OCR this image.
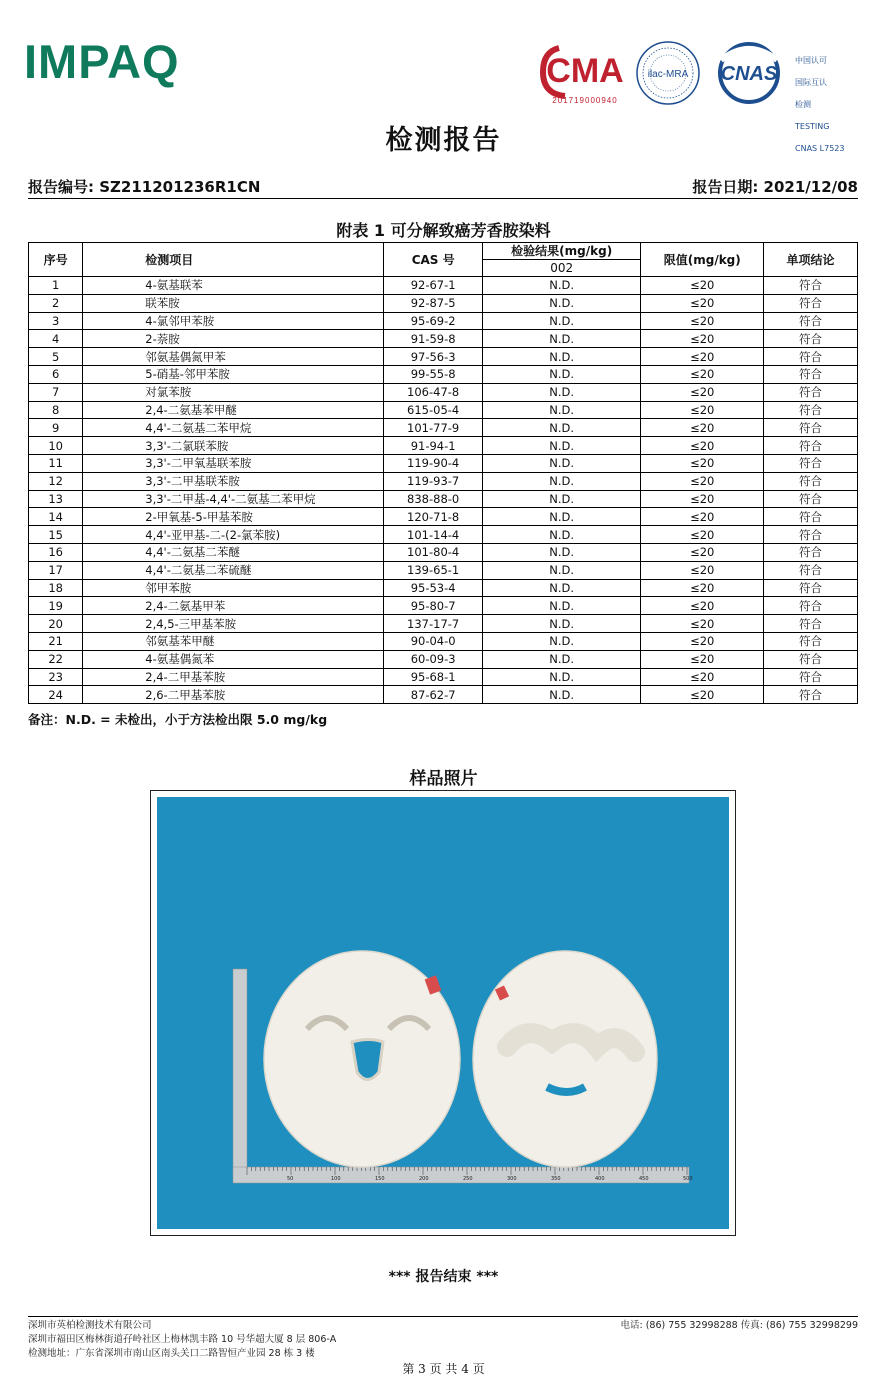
IMPAQ	CMA
201719000940
ilac-MRA CNAS

中国认可

国际互认

检测

TESTING

CNAS L7523

检测报告
报告编号: SZ211201236R1CN	报告日期: 2021/12/08
附表 1 可分解致癌芳香胺染料
序号	检测项目	CAS 号	检验结果(mg/kg)	限值(mg/kg)	单项结论
			002		
1	4-氨基联苯	92-67-1	N.D.	≤20	符合
2	联苯胺	92-87-5	N.D.	≤20	符合
3	4-氯邻甲苯胺	95-69-2	N.D.	≤20	符合
4	2-萘胺	91-59-8	N.D.	≤20	符合
5	邻氨基偶氮甲苯	97-56-3	N.D.	≤20	符合
6	5-硝基-邻甲苯胺	99-55-8	N.D.	≤20	符合
7	对氯苯胺	106-47-8	N.D.	≤20	符合
8	2,4-二氨基苯甲醚	615-05-4	N.D.	≤20	符合
9	4,4'-二氨基二苯甲烷	101-77-9	N.D.	≤20	符合
10	3,3'-二氯联苯胺	91-94-1	N.D.	≤20	符合
11	3,3'-二甲氧基联苯胺	119-90-4	N.D.	≤20	符合
12	3,3'-二甲基联苯胺	119-93-7	N.D.	≤20	符合
13	3,3'-二甲基-4,4'-二氨基二苯甲烷	838-88-0	N.D.	≤20	符合
14	2-甲氧基-5-甲基苯胺	120-71-8	N.D.	≤20	符合
15	4,4'-亚甲基-二-(2-氯苯胺)	101-14-4	N.D.	≤20	符合
16	4,4'-二氨基二苯醚	101-80-4	N.D.	≤20	符合
17	4,4'-二氨基二苯硫醚	139-65-1	N.D.	≤20	符合
18	邻甲苯胺	95-53-4	N.D.	≤20	符合
19	2,4-二氨基甲苯	95-80-7	N.D.	≤20	符合
20	2,4,5-三甲基苯胺	137-17-7	N.D.	≤20	符合
21	邻氨基苯甲醚	90-04-0	N.D.	≤20	符合
22	4-氨基偶氮苯	60-09-3	N.D.	≤20	符合
23	2,4-二甲基苯胺	95-68-1	N.D.	≤20	符合
24	2,6-二甲基苯胺	87-62-7	N.D.	≤20	符合
备注：N.D. = 未检出，小于方法检出限 5.0 mg/kg
样品照片
50	100	150	200	250	300	350	400	450	500
*** 报告结束 ***
深圳市英柏检测技术有限公司
深圳市福田区梅林街道孖岭社区上梅林凯丰路 10 号华超大厦 8 层 806-A
检测地址：广东省深圳市南山区南头关口二路智恒产业园 28 栋 3 楼
电话: (86) 755 32998288 传真: (86) 755 32998299
第 3 页 共 4 页
